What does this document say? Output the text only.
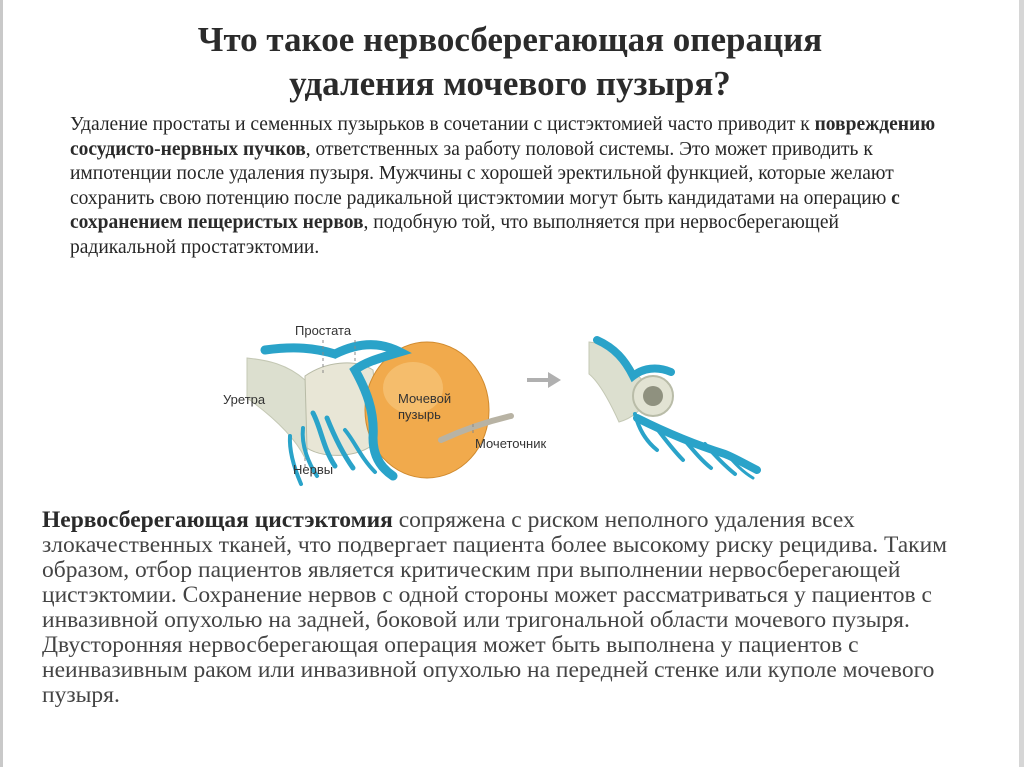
Что такое нервосберегающая операция
удаления мочевого пузыря?

Удаление простаты и семенных пузырьков в сочетании с цистэктомией часто приводит к повреждению сосудисто-нервных пучков, ответственных за работу половой системы. Это может приводить к импотенции после удаления пузыря. Мужчины с хорошей эректильной функцией, которые желают сохранить свою потенцию после радикальной цистэктомии могут быть кандидатами на операцию с сохранением пещеристых нервов, подобную той, что выполняется при нервосберегающей радикальной простатэктомии.

Простата
Уретра	Мочевой
пузырь
Мочеточник
Нервы

Нервосберегающая цистэктомия сопряжена с риском неполного удаления всех злокачественных тканей, что подвергает пациента более высокому риску рецидива. Таким образом, отбор пациентов является критическим при выполнении нервосберегающей цистэктомии. Сохранение нервов с одной стороны может рассматриваться у пациентов с инвазивной опухолью на задней, боковой или тригональной области мочевого пузыря. Двусторонняя нервосберегающая операция может быть выполнена у пациентов с неинвазивным раком или инвазивной опухолью на передней стенке или куполе мочевого пузыря.
